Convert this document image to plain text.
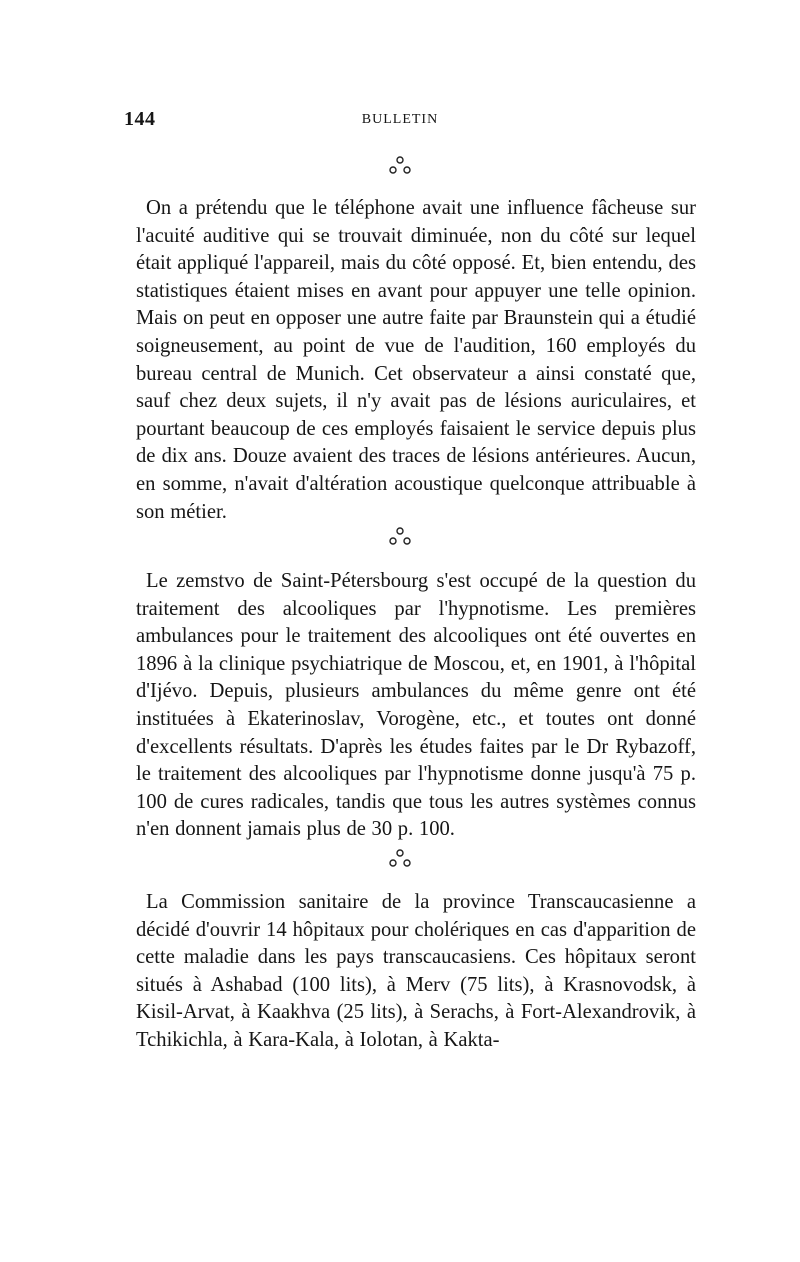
144	BULLETIN
On a prétendu que le téléphone avait une influence fâcheuse sur l'acuité auditive qui se trouvait diminuée, non du côté sur lequel était appliqué l'appareil, mais du côté opposé. Et, bien entendu, des statistiques étaient mises en avant pour appuyer une telle opinion. Mais on peut en opposer une autre faite par Braunstein qui a étudié soigneusement, au point de vue de l'audition, 160 employés du bureau central de Munich. Cet observateur a ainsi constaté que, sauf chez deux sujets, il n'y avait pas de lésions auriculaires, et pourtant beaucoup de ces employés faisaient le service depuis plus de dix ans. Douze avaient des traces de lésions antérieures. Aucun, en somme, n'avait d'altération acoustique quelconque attribuable à son métier.
Le zemstvo de Saint-Pétersbourg s'est occupé de la question du traitement des alcooliques par l'hypnotisme. Les premières ambulances pour le traitement des alcooliques ont été ouvertes en 1896 à la clinique psychiatrique de Moscou, et, en 1901, à l'hôpital d'Ijévo. Depuis, plusieurs ambulances du même genre ont été instituées à Ekaterinoslav, Vorogène, etc., et toutes ont donné d'excellents résultats. D'après les études faites par le Dr Rybazoff, le traitement des alcooliques par l'hypnotisme donne jusqu'à 75 p. 100 de cures radicales, tandis que tous les autres systèmes connus n'en donnent jamais plus de 30 p. 100.
La Commission sanitaire de la province Transcaucasienne a décidé d'ouvrir 14 hôpitaux pour cholériques en cas d'apparition de cette maladie dans les pays transcaucasiens. Ces hôpitaux seront situés à Ashabad (100 lits), à Merv (75 lits), à Krasnovodsk, à Kisil-Arvat, à Kaakhva (25 lits), à Serachs, à Fort-Alexandrovik, à Tchikichla, à Kara-Kala, à Iolotan, à Kakta-
